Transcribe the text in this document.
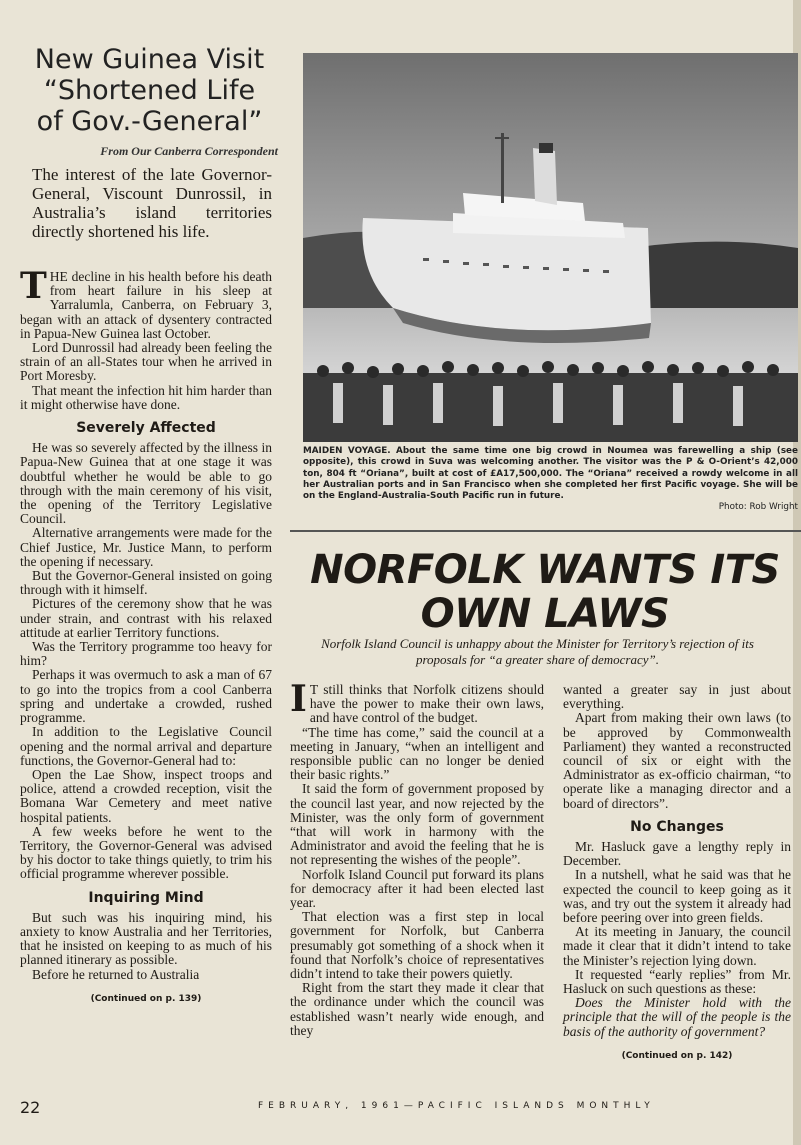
New Guinea Visit
“Shortened Life
of Gov.-General”
From Our Canberra Correspondent
The interest of the late Governor-General, Viscount Dunrossil, in Australia’s island territories directly shortened his life.

THE decline in his health before his death from heart failure in his sleep at Yarralumla, Canberra, on February 3, began with an attack of dysentery contracted in Papua-New Guinea last October.

Lord Dunrossil had already been feeling the strain of an all-States tour when he arrived in Port Moresby.

That meant the infection hit him harder than it might otherwise have done.

Severely Affected

He was so severely affected by the illness in Papua-New Guinea that at one stage it was doubtful whether he would be able to go through with the main ceremony of his visit, the opening of the Territory Legislative Council.

Alternative arrangements were made for the Chief Justice, Mr. Justice Mann, to perform the opening if necessary.

But the Governor-General insisted on going through with it himself.

Pictures of the ceremony show that he was under strain, and contrast with his relaxed attitude at earlier Territory functions.

Was the Territory programme too heavy for him?

Perhaps it was overmuch to ask a man of 67 to go into the tropics from a cool Canberra spring and undertake a crowded, rushed programme.

In addition to the Legislative Council opening and the normal arrival and departure functions, the Governor-General had to:

Open the Lae Show, inspect troops and police, attend a crowded reception, visit the Bomana War Cemetery and meet native hospital patients.

A few weeks before he went to the Territory, the Governor-General was advised by his doctor to take things quietly, to trim his official programme wherever possible.

Inquiring Mind

But such was his inquiring mind, his anxiety to know Australia and her Territories, that he insisted on keeping to as much of his planned itinerary as possible.

Before he returned to Australia

(Continued on p. 139)
MAIDEN VOYAGE. About the same time one big crowd in Noumea was farewelling a ship (see opposite), this crowd in Suva was welcoming another. The visitor was the P & O-Orient’s 42,000 ton, 804 ft “Oriana”, built at cost of £A17,500,000. The “Oriana” received a rowdy welcome in all her Australian ports and in San Francisco when she completed her first Pacific voyage. She will be on the England-Australia-South Pacific run in future.
Photo: Rob Wright
NORFOLK WANTS ITS
OWN LAWS
Norfolk Island Council is unhappy about the Minister for Territory’s rejection of its proposals for “a greater share of democracy”.

I T still thinks that Norfolk citizens should have the power to make their own laws, and have control of the budget.

“The time has come,” said the council at a meeting in January, “when an intelligent and responsible public can no longer be denied their basic rights.”

It said the form of government proposed by the council last year, and now rejected by the Minister, was the only form of government “that will work in harmony with the Administrator and avoid the feeling that he is not representing the wishes of the people”.

Norfolk Island Council put forward its plans for democracy after it had been elected last year.

That election was a first step in local government for Norfolk, but Canberra presumably got something of a shock when it found that Norfolk’s choice of representatives didn’t intend to take their powers quietly.

Right from the start they made it clear that the ordinance under which the council was established wasn’t nearly wide enough, and they

wanted a greater say in just about everything.

Apart from making their own laws (to be approved by Commonwealth Parliament) they wanted a reconstructed council of six or eight with the Administrator as ex-officio chairman, “to operate like a managing director and a board of directors”.

No Changes

Mr. Hasluck gave a lengthy reply in December.

In a nutshell, what he said was that he expected the council to keep going as it was, and try out the system it already had before peering over into green fields.

At its meeting in January, the council made it clear that it didn’t intend to take the Minister’s rejection lying down.

It requested “early replies” from Mr. Hasluck on such questions as these:

Does the Minister hold with the principle that the will of the people is the basis of the authority of government?

(Continued on p. 142)
22	FEBRUARY, 1961—PACIFIC ISLANDS MONTHLY
